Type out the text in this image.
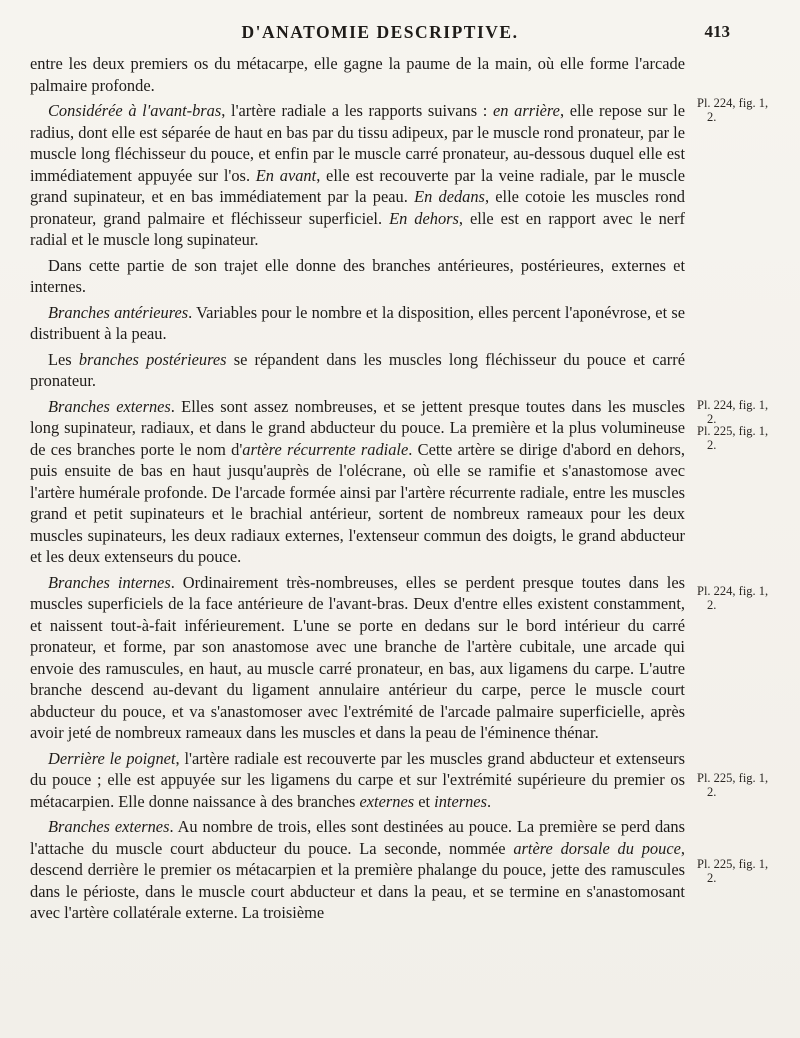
D'ANATOMIE DESCRIPTIVE.	413

entre les deux premiers os du métacarpe, elle gagne la paume de la main, où elle forme l'arcade palmaire profonde.

Considérée à l'avant-bras, l'artère radiale a les rapports suivans : en arrière, elle repose sur le radius, dont elle est séparée de haut en bas par du tissu adipeux, par le muscle rond pronateur, par le muscle long fléchisseur du pouce, et enfin par le muscle carré pronateur, au-dessous duquel elle est immédiatement appuyée sur l'os. En avant, elle est recouverte par la veine radiale, par le muscle grand supinateur, et en bas immédiatement par la peau. En dedans, elle cotoie les muscles rond pronateur, grand palmaire et fléchisseur superficiel. En dehors, elle est en rapport avec le nerf radial et le muscle long supinateur.

Dans cette partie de son trajet elle donne des branches antérieures, postérieures, externes et internes.

Branches antérieures. Variables pour le nombre et la disposition, elles percent l'aponévrose, et se distribuent à la peau.

Les branches postérieures se répandent dans les muscles long fléchisseur du pouce et carré pronateur.

Branches externes. Elles sont assez nombreuses, et se jettent presque toutes dans les muscles long supinateur, radiaux, et dans le grand abducteur du pouce. La première et la plus volumineuse de ces branches porte le nom d'artère récurrente radiale. Cette artère se dirige d'abord en dehors, puis ensuite de bas en haut jusqu'auprès de l'olécrane, où elle se ramifie et s'anastomose avec l'artère humérale profonde. De l'arcade formée ainsi par l'artère récurrente radiale, entre les muscles grand et petit supinateurs et le brachial antérieur, sortent de nombreux rameaux pour les deux muscles supinateurs, les deux radiaux externes, l'extenseur commun des doigts, le grand abducteur et les deux extenseurs du pouce.

Branches internes. Ordinairement très-nombreuses, elles se perdent presque toutes dans les muscles superficiels de la face antérieure de l'avant-bras. Deux d'entre elles existent constamment, et naissent tout-à-fait inférieurement. L'une se porte en dedans sur le bord intérieur du carré pronateur, et forme, par son anastomose avec une branche de l'artère cubitale, une arcade qui envoie des ramuscules, en haut, au muscle carré pronateur, en bas, aux ligamens du carpe. L'autre branche descend au-devant du ligament annulaire antérieur du carpe, perce le muscle court abducteur du pouce, et va s'anastomoser avec l'extrémité de l'arcade palmaire superficielle, après avoir jeté de nombreux rameaux dans les muscles et dans la peau de l'éminence thénar.

Derrière le poignet, l'artère radiale est recouverte par les muscles grand abducteur et extenseurs du pouce ; elle est appuyée sur les ligamens du carpe et sur l'extrémité supérieure du premier os métacarpien. Elle donne naissance à des branches externes et internes.

Branches externes. Au nombre de trois, elles sont destinées au pouce. La première se perd dans l'attache du muscle court abducteur du pouce. La seconde, nommée artère dorsale du pouce, descend derrière le premier os métacarpien et la première phalange du pouce, jette des ramuscules dans le périoste, dans le muscle court abducteur et dans la peau, et se termine en s'anastomosant avec l'artère collatérale externe. La troisième

Pl. 224, fig. 1,
2.
Pl. 224, fig. 1,
2.
Pl. 225, fig. 1,
2.
Pl. 224, fig. 1,
2.
Pl. 225, fig. 1,
2.
Pl. 225, fig. 1,
2.
